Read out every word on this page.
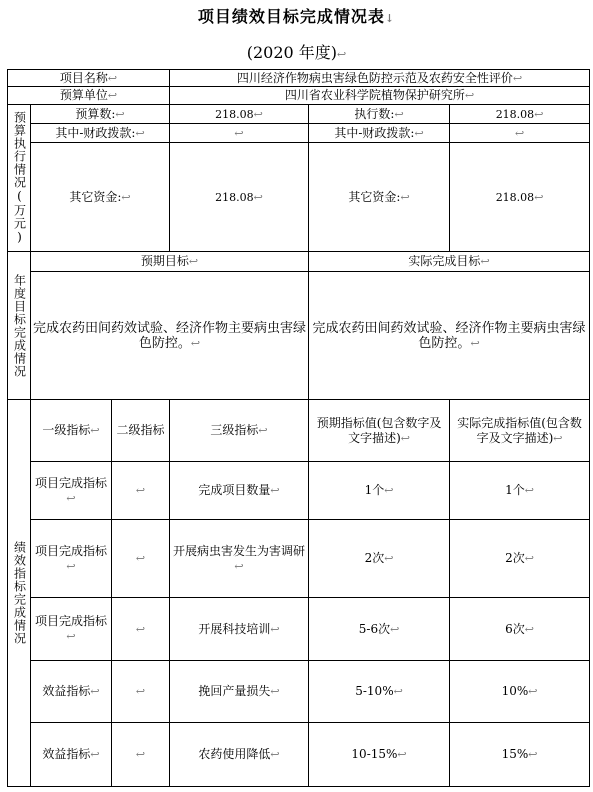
项目绩效目标完成情况表↓
(2020 年度)↩
项目名称↩			四川经济作物病虫害绿色防控示范及农药安全性评价↩		
预算单位↩			四川省农业科学院植物保护研究所↩		
预算执行情况(万元)	预算数:↩		218.08↩	执行数:↩	218.08↩
	其中-财政拨款:↩		↩	其中-财政拨款:↩	↩
	其它资金:↩		218.08↩	其它资金:↩	218.08↩
年度目标完成情况	预期目标↩			实际完成目标↩	
	完成农药田间药效试验、经济作物主要病虫害绿色防控。↩			完成农药田间药效试验、经济作物主要病虫害绿色防控。↩	
绩效指标完成情况	一级指标↩	二级指标	三级指标↩	预期指标值(包含数字及文字描述)↩	实际完成指标值(包含数字及文字描述)↩
	项目完成指标↩	↩	完成项目数量↩	1个↩	1个↩
	项目完成指标↩	↩	开展病虫害发生为害调研↩	2次↩	2次↩
	项目完成指标↩	↩	开展科技培训↩	5-6次↩	6次↩
	效益指标↩	↩	挽回产量损失↩	5-10%↩	10%↩
	效益指标↩	↩	农药使用降低↩	10-15%↩	15%↩
